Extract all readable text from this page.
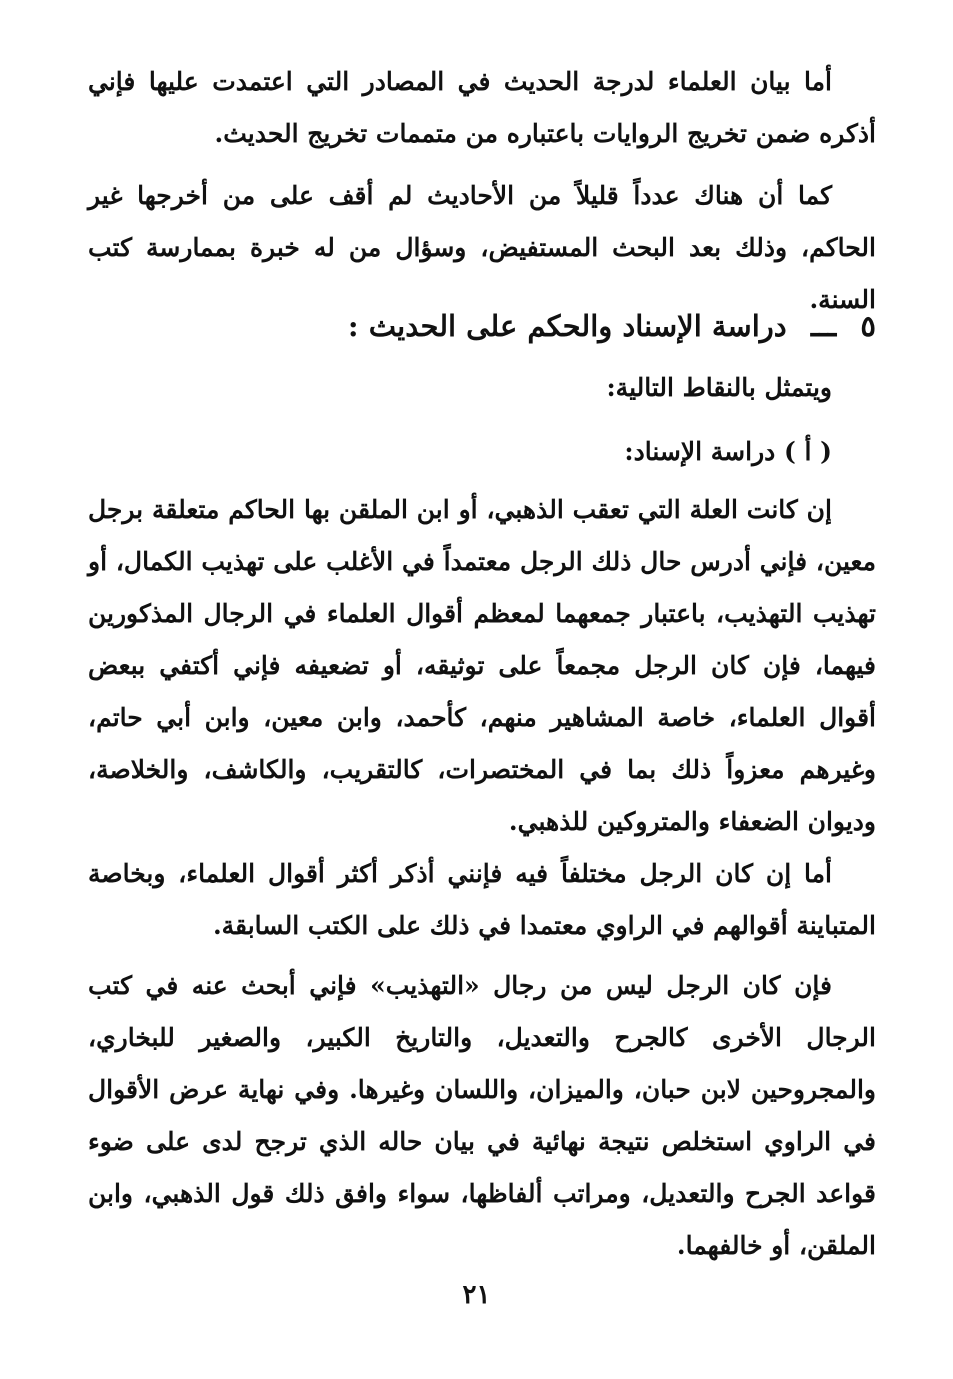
أما بيان العلماء لدرجة الحديث في المصادر التي اعتمدت عليها فإني أذكره ضمن تخريج الروايات باعتباره من متممات تخريج الحديث.

كما أن هناك عدداً قليلاً من الأحاديث لم أقف على من أخرجها غير الحاكم، وذلك بعد البحث المستفيض، وسؤال من له خبرة بممارسة كتب السنة.

٥ ـــ دراسة الإسناد والحكم على الحديث :

ويتمثل بالنقاط التالية:

( أ ) دراسة الإسناد:

إن كانت العلة التي تعقب الذهبي، أو ابن الملقن بها الحاكم متعلقة برجل معين، فإني أدرس حال ذلك الرجل معتمداً في الأغلب على تهذيب الكمال، أو تهذيب التهذيب، باعتبار جمعهما لمعظم أقوال العلماء في الرجال المذكورين فيهما، فإن كان الرجل مجمعاً على توثيقه، أو تضعيفه فإني أكتفي ببعض أقوال العلماء، خاصة المشاهير منهم، كأحمد، وابن معين، وابن أبي حاتم، وغيرهم معزواً ذلك بما في المختصرات، كالتقريب، والكاشف، والخلاصة، وديوان الضعفاء والمتروكين للذهبي.

أما إن كان الرجل مختلفاً فيه فإنني أذكر أكثر أقوال العلماء، وبخاصة المتباينة أقوالهم في الراوي معتمدا في ذلك على الكتب السابقة.

فإن كان الرجل ليس من رجال «التهذيب» فإني أبحث عنه في كتب الرجال الأخرى كالجرح والتعديل، والتاريخ الكبير، والصغير للبخاري، والمجروحين لابن حبان، والميزان، واللسان وغيرها. وفي نهاية عرض الأقوال في الراوي استخلص نتيجة نهائية في بيان حاله الذي ترجح لدى على ضوء قواعد الجرح والتعديل، ومراتب ألفاظها، سواء وافق ذلك قول الذهبي، وابن الملقن، أو خالفهما.

٢١
